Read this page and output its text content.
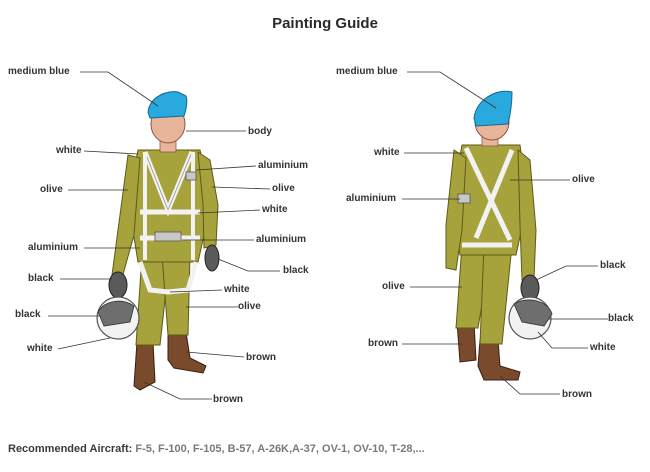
Painting Guide
medium blue
body
white
aluminium
olive	olive
white
aluminium
aluminium
black
black
white
olive
black
white
brown
brown
medium blue
white
olive
aluminium
black
olive
black
white
brown
brown
Recommended Aircraft: F-5, F-100, F-105, B-57, A-26K,A-37, OV-1, OV-10, T-28,...
